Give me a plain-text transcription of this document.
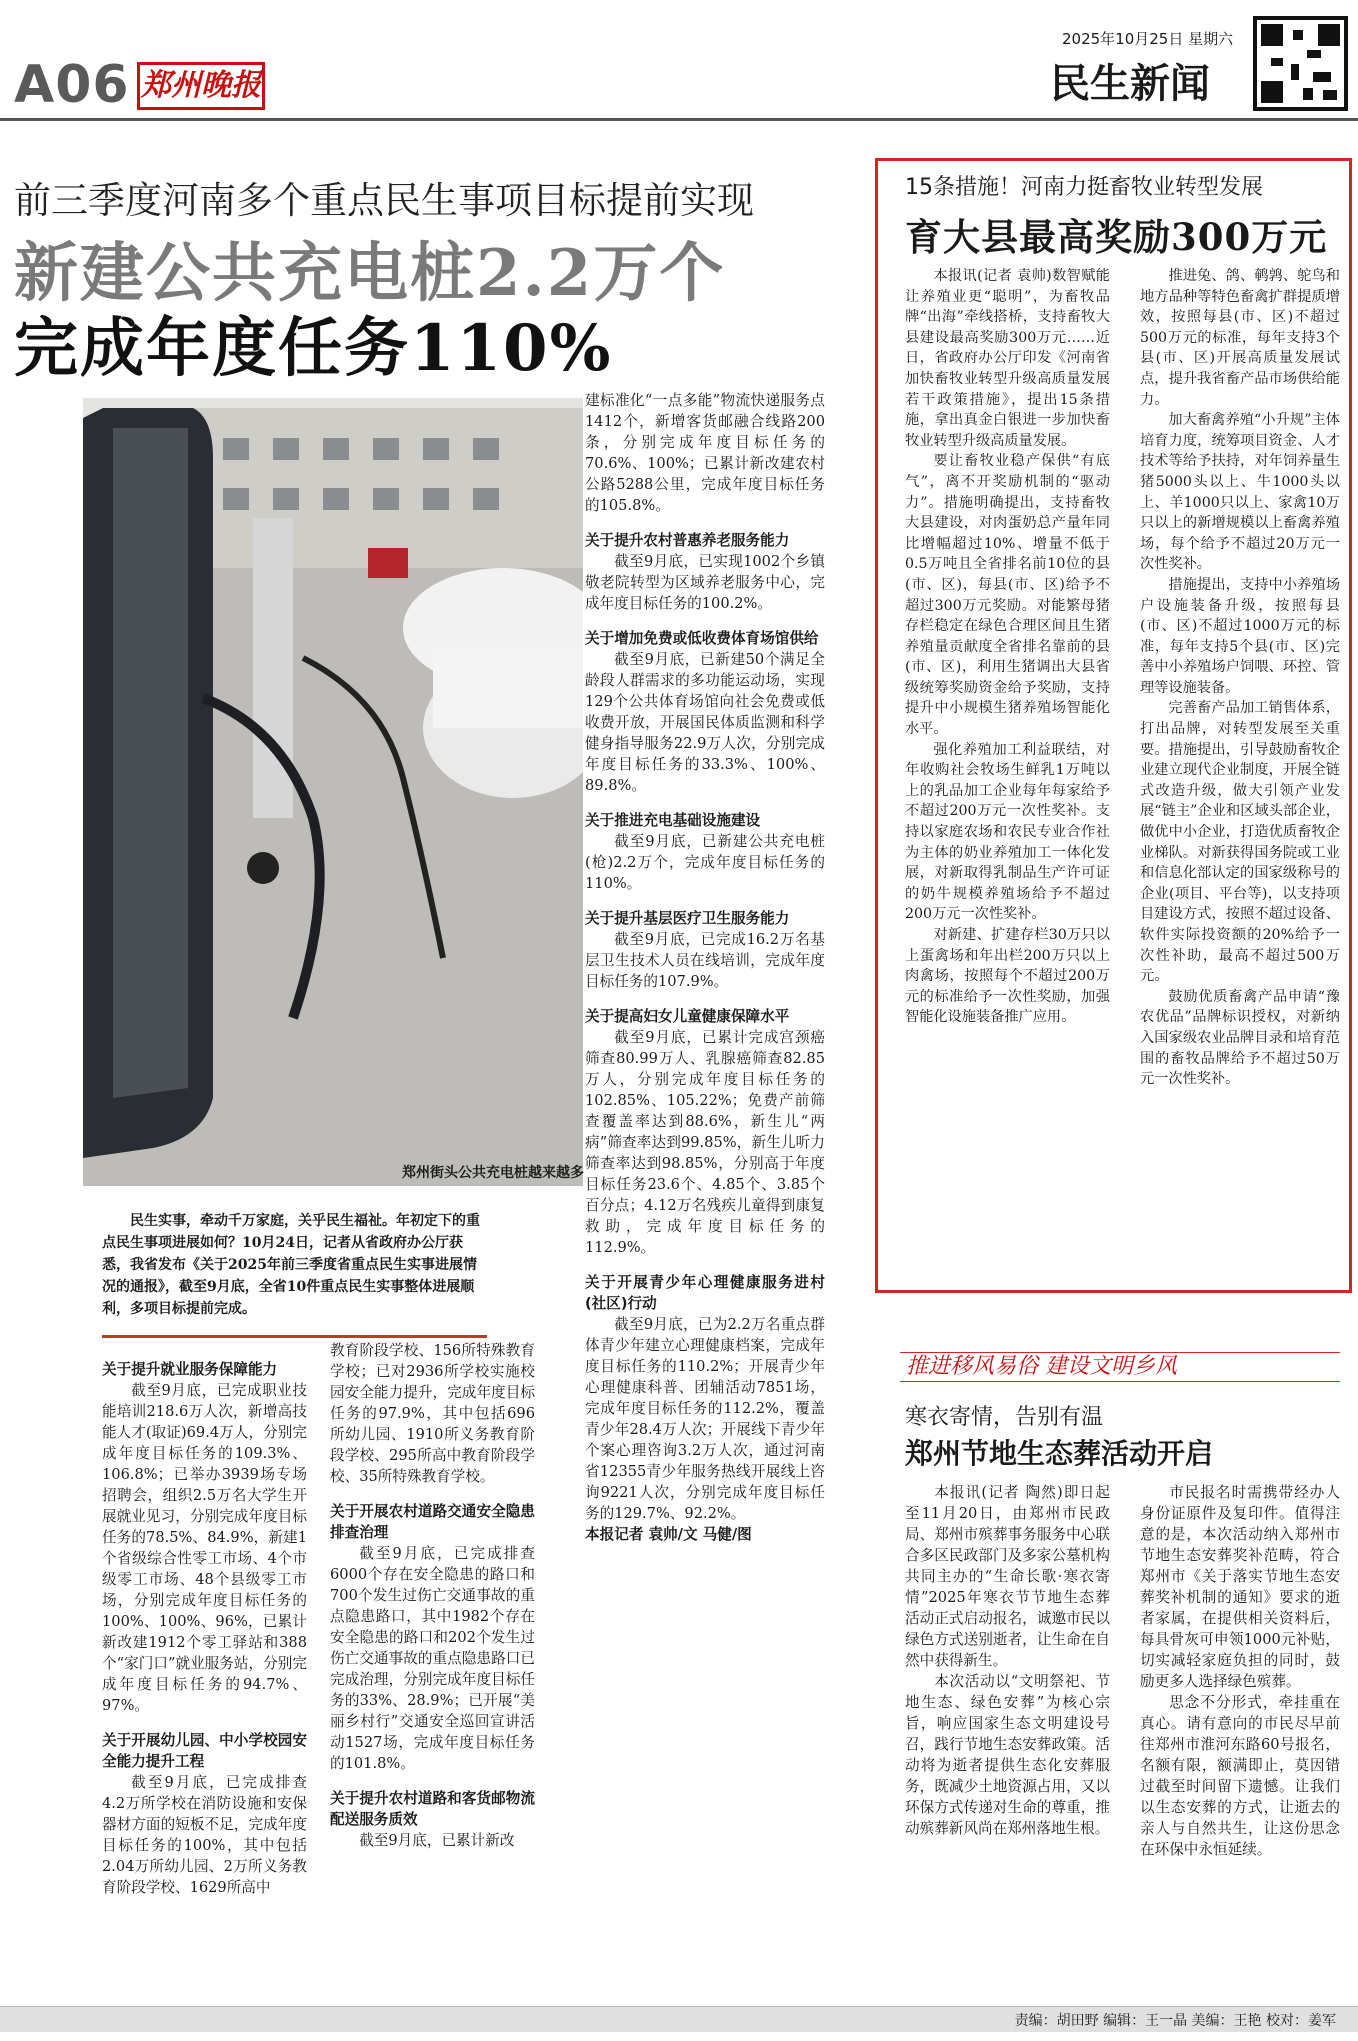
A06 郑州晚报
2025年10月25日 星期六
民生新闻
前三季度河南多个重点民生事项目标提前实现
新建公共充电桩2.2万个
完成年度任务110%
郑州街头公共充电桩越来越多
民生实事，牵动千万家庭，关乎民生福祉。年初定下的重点民生事项进展如何？10月24日，记者从省政府办公厅获悉，我省发布《关于2025年前三季度省重点民生实事进展情况的通报》，截至9月底，全省10件重点民生实事整体进展顺利，多项目标提前完成。
关于提升就业服务保障能力

截至9月底，已完成职业技能培训218.6万人次，新增高技能人才(取证)69.4万人，分别完成年度目标任务的109.3%、106.8%；已举办3939场专场招聘会，组织2.5万名大学生开展就业见习，分别完成年度目标任务的78.5%、84.9%，新建1个省级综合性零工市场、4个市级零工市场、48个县级零工市场，分别完成年度目标任务的100%、100%、96%，已累计新改建1912个零工驿站和388个“家门口”就业服务站，分别完成年度目标任务的94.7%、97%。

关于开展幼儿园、中小学校园安全能力提升工程

截至9月底，已完成排查4.2万所学校在消防设施和安保器材方面的短板不足，完成年度目标任务的100%，其中包括2.04万所幼儿园、2万所义务教育阶段学校、1629所高中

教育阶段学校、156所特殊教育学校；已对2936所学校实施校园安全能力提升，完成年度目标任务的97.9%，其中包括696所幼儿园、1910所义务教育阶段学校、295所高中教育阶段学校、35所特殊教育学校。

关于开展农村道路交通安全隐患排查治理

截至9月底，已完成排查6000个存在安全隐患的路口和700个发生过伤亡交通事故的重点隐患路口，其中1982个存在安全隐患的路口和202个发生过伤亡交通事故的重点隐患路口已完成治理，分别完成年度目标任务的33%、28.9%；已开展“美丽乡村行”交通安全巡回宣讲活动1527场，完成年度目标任务的101.8%。

关于提升农村道路和客货邮物流配送服务质效

截至9月底，已累计新改

建标准化“一点多能”物流快递服务点1412个，新增客货邮融合线路200条，分别完成年度目标任务的70.6%、100%；已累计新改建农村公路5288公里，完成年度目标任务的105.8%。

关于提升农村普惠养老服务能力

截至9月底，已实现1002个乡镇敬老院转型为区域养老服务中心，完成年度目标任务的100.2%。

关于增加免费或低收费体育场馆供给

截至9月底，已新建50个满足全龄段人群需求的多功能运动场，实现129个公共体育场馆向社会免费或低收费开放，开展国民体质监测和科学健身指导服务22.9万人次，分别完成年度目标任务的33.3%、100%、89.8%。

关于推进充电基础设施建设

截至9月底，已新建公共充电桩(枪)2.2万个，完成年度目标任务的110%。

关于提升基层医疗卫生服务能力

截至9月底，已完成16.2万名基层卫生技术人员在线培训，完成年度目标任务的107.9%。

关于提高妇女儿童健康保障水平

截至9月底，已累计完成宫颈癌筛查80.99万人、乳腺癌筛查82.85万人，分别完成年度目标任务的102.85%、105.22%；免费产前筛查覆盖率达到88.6%，新生儿“两病”筛查率达到99.85%，新生儿听力筛查率达到98.85%，分别高于年度目标任务23.6个、4.85个、3.85个百分点；4.12万名残疾儿童得到康复救助，完成年度目标任务的112.9%。

关于开展青少年心理健康服务进村(社区)行动

截至9月底，已为2.2万名重点群体青少年建立心理健康档案，完成年度目标任务的110.2%；开展青少年心理健康科普、团辅活动7851场，完成年度目标任务的112.2%，覆盖青少年28.4万人次；开展线下青少年个案心理咨询3.2万人次，通过河南省12355青少年服务热线开展线上咨询9221人次，分别完成年度目标任务的129.7%、92.2%。

本报记者 袁帅/文 马健/图
15条措施！河南力挺畜牧业转型发展
育大县最高奖励300万元

本报讯(记者 袁帅)数智赋能让养殖业更“聪明”，为畜牧品牌“出海”牵线搭桥，支持畜牧大县建设最高奖励300万元……近日，省政府办公厅印发《河南省加快畜牧业转型升级高质量发展若干政策措施》，提出15条措施，拿出真金白银进一步加快畜牧业转型升级高质量发展。

要让畜牧业稳产保供“有底气”，离不开奖励机制的“驱动力”。措施明确提出，支持畜牧大县建设，对肉蛋奶总产量年同比增幅超过10%、增量不低于0.5万吨且全省排名前10位的县(市、区)，每县(市、区)给予不超过300万元奖励。对能繁母猪存栏稳定在绿色合理区间且生猪养殖量贡献度全省排名靠前的县(市、区)，利用生猪调出大县省级统筹奖励资金给予奖励，支持提升中小规模生猪养殖场智能化水平。

强化养殖加工利益联结，对年收购社会牧场生鲜乳1万吨以上的乳品加工企业每年每家给予不超过200万元一次性奖补。支持以家庭农场和农民专业合作社为主体的奶业养殖加工一体化发展，对新取得乳制品生产许可证的奶牛规模养殖场给予不超过200万元一次性奖补。

对新建、扩建存栏30万只以上蛋禽场和年出栏200万只以上肉禽场，按照每个不超过200万元的标准给予一次性奖励，加强智能化设施装备推广应用。

推进兔、鸽、鹌鹑、鸵鸟和地方品种等特色畜禽扩群提质增效，按照每县(市、区)不超过500万元的标准，每年支持3个县(市、区)开展高质量发展试点，提升我省畜产品市场供给能力。

加大畜禽养殖“小升规”主体培育力度，统筹项目资金、人才技术等给予扶持，对年饲养量生猪5000头以上、牛1000头以上、羊1000只以上、家禽10万只以上的新增规模以上畜禽养殖场，每个给予不超过20万元一次性奖补。

措施提出，支持中小养殖场户设施装备升级，按照每县(市、区)不超过1000万元的标准，每年支持5个县(市、区)完善中小养殖场户饲喂、环控、管理等设施装备。

完善畜产品加工销售体系，打出品牌，对转型发展至关重要。措施提出，引导鼓励畜牧企业建立现代企业制度，开展全链式改造升级，做大引领产业发展“链主”企业和区域头部企业，做优中小企业，打造优质畜牧企业梯队。对新获得国务院或工业和信息化部认定的国家级称号的企业(项目、平台等)，以支持项目建设方式，按照不超过设备、软件实际投资额的20%给予一次性补助，最高不超过500万元。

鼓励优质畜禽产品申请“豫农优品”品牌标识授权，对新纳入国家级农业品牌目录和培育范围的畜牧品牌给予不超过50万元一次性奖补。

推进移风易俗 建设文明乡风
寒衣寄情，告别有温
郑州节地生态葬活动开启

本报讯(记者 陶然)即日起至11月20日，由郑州市民政局、郑州市殡葬事务服务中心联合多区民政部门及多家公墓机构共同主办的“生命长歌·寒衣寄情”2025年寒衣节节地生态葬活动正式启动报名，诚邀市民以绿色方式送别逝者，让生命在自然中获得新生。

本次活动以“文明祭祀、节地生态、绿色安葬”为核心宗旨，响应国家生态文明建设号召，践行节地生态安葬政策。活动将为逝者提供生态化安葬服务，既减少土地资源占用，又以环保方式传递对生命的尊重，推动殡葬新风尚在郑州落地生根。

市民报名时需携带经办人身份证原件及复印件。值得注意的是，本次活动纳入郑州市节地生态安葬奖补范畴，符合郑州市《关于落实节地生态安葬奖补机制的通知》要求的逝者家属，在提供相关资料后，每具骨灰可申领1000元补贴，切实减轻家庭负担的同时，鼓励更多人选择绿色殡葬。

思念不分形式，牵挂重在真心。请有意向的市民尽早前往郑州市淮河东路60号报名，名额有限，额满即止，莫因错过截至时间留下遗憾。让我们以生态安葬的方式，让逝去的亲人与自然共生，让这份思念在环保中永恒延续。

责编：胡田野 编辑：王一晶 美编：王艳 校对：姜军
